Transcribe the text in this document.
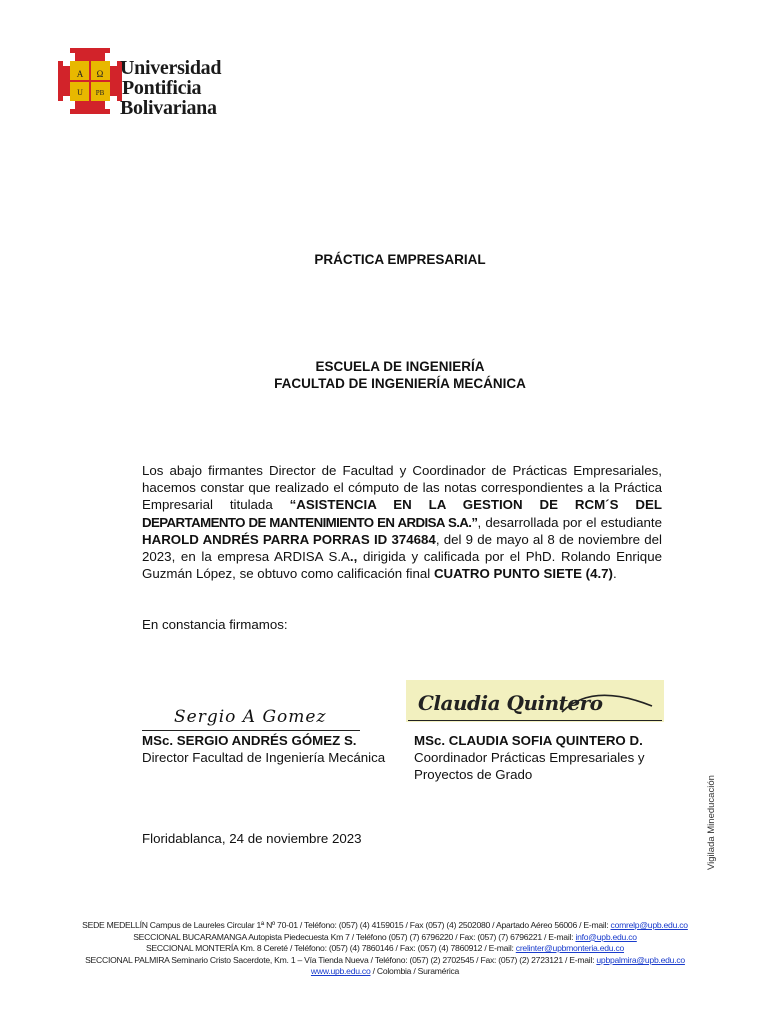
A Ω
U PB
Universidad
Pontificia
Bolivariana
PRÁCTICA EMPRESARIAL
ESCUELA DE INGENIERÍA
FACULTAD DE INGENIERÍA MECÁNICA
Los abajo firmantes Director de Facultad y Coordinador de Prácticas Empresariales, hacemos constar que realizado el cómputo de las notas correspondientes a la Práctica Empresarial titulada “ASISTENCIA EN LA GESTION DE RCM´S DEL DEPARTAMENTO DE MANTENIMIENTO EN ARDISA S.A.”, desarrollada por el estudiante HAROLD ANDRÉS PARRA PORRAS ID 374684, del 9 de mayo al 8 de noviembre del 2023, en la empresa ARDISA S.A., dirigida y calificada por el PhD. Rolando Enrique Guzmán López, se obtuvo como calificación final CUATRO PUNTO SIETE (4.7).
En constancia firmamos:
Sergio A Gomez
Claudia Quintero
MSc. SERGIO ANDRÉS GÓMEZ S.
Director Facultad de Ingeniería Mecánica
MSc. CLAUDIA SOFIA QUINTERO D.
Coordinador Prácticas Empresariales y
Proyectos de Grado
Vigilada Mineducación
Floridablanca, 24 de noviembre 2023
SEDE MEDELLÍN Campus de Laureles Circular 1ª Nº 70-01 / Teléfono: (057) (4) 4159015 / Fax (057) (4) 2502080 / Apartado Aéreo 56006 / E-mail: comrelp@upb.edu.co
SECCIONAL BUCARAMANGA Autopista Piedecuesta Km 7 / Teléfono (057) (7) 6796220 / Fax: (057) (7) 6796221 / E-mail: info@upb.edu.co
SECCIONAL MONTERÍA Km. 8 Cereté / Teléfono: (057) (4) 7860146 / Fax: (057) (4) 7860912 / E-mail: crelinter@upbmonteria.edu.co
SECCIONAL PALMIRA Seminario Cristo Sacerdote, Km. 1 – Vía Tienda Nueva / Teléfono: (057) (2) 2702545 / Fax: (057) (2) 2723121 / E-mail: upbpalmira@upb.edu.co
www.upb.edu.co / Colombia / Suramérica
